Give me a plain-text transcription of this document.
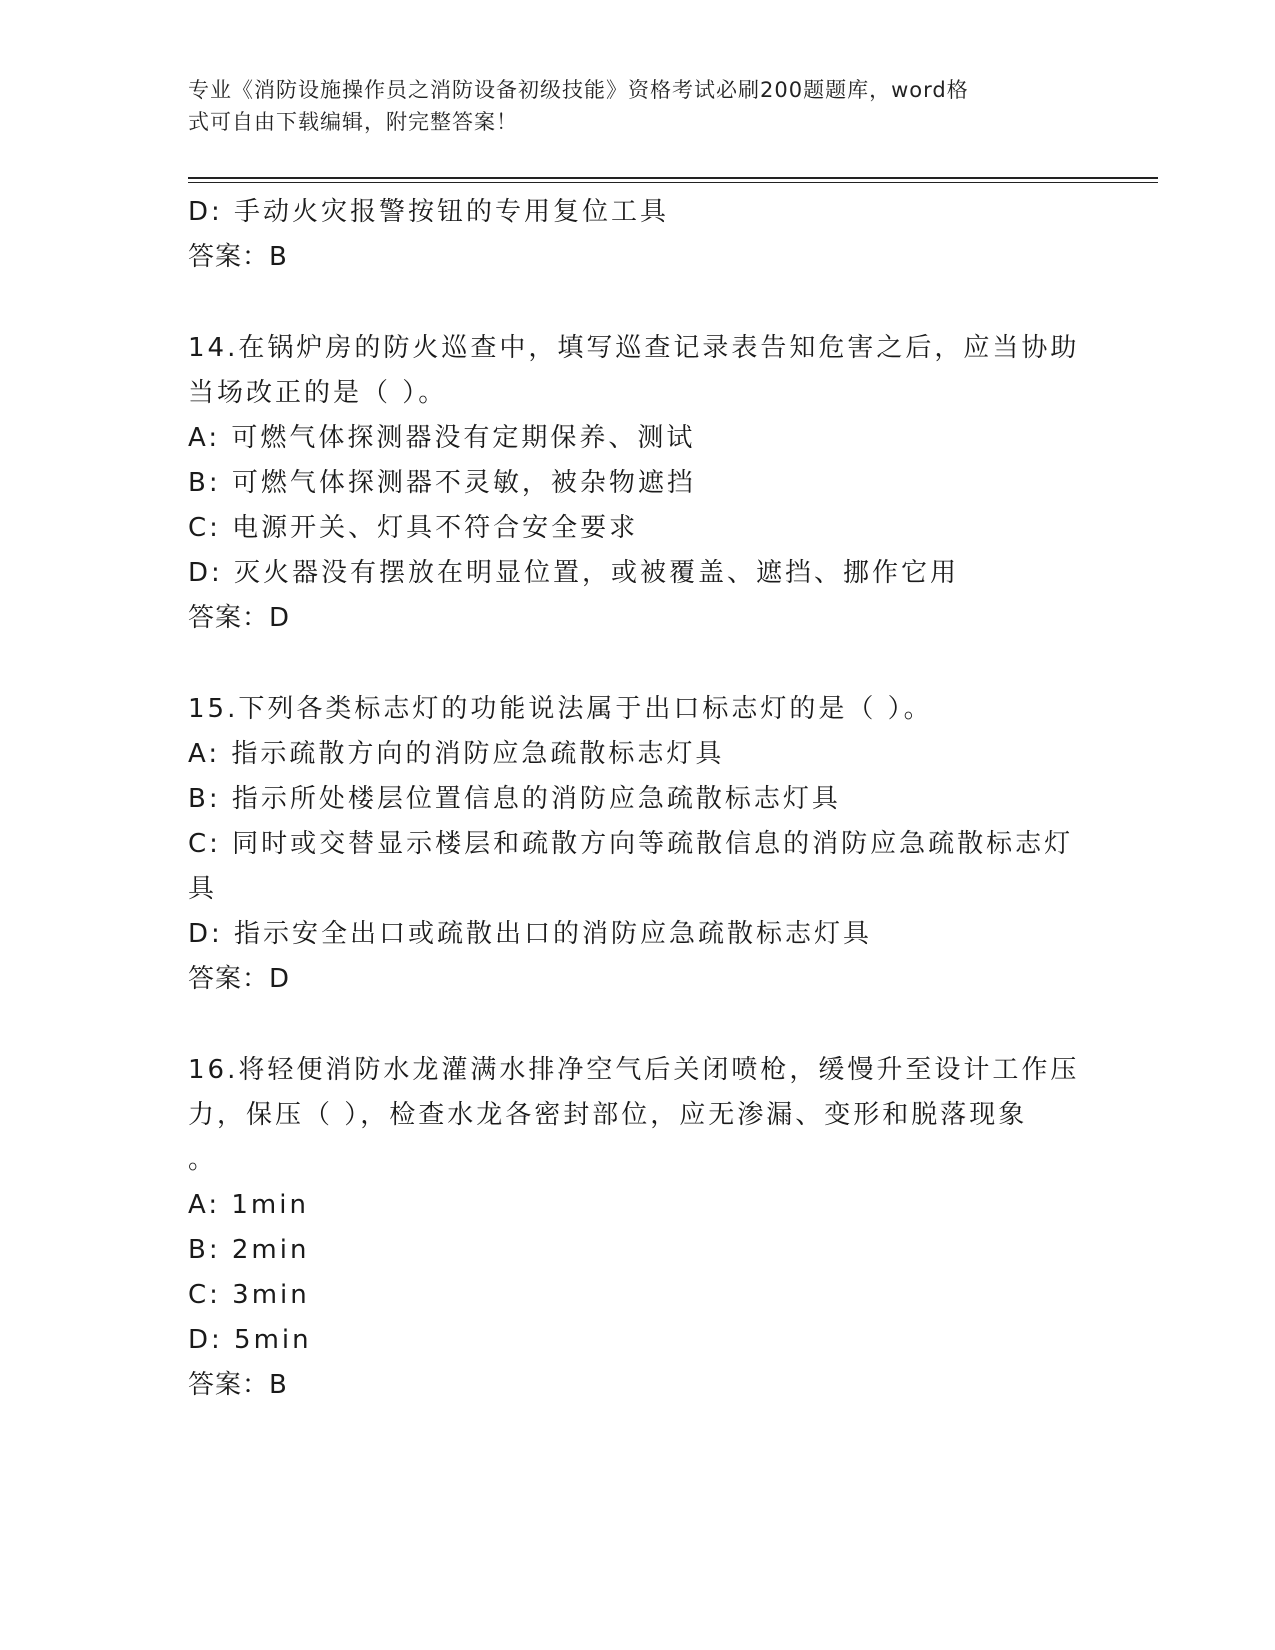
专业《消防设施操作员之消防设备初级技能》资格考试必刷200题题库，word格
式可自由下载编辑，附完整答案！
D: 手动火灾报警按钮的专用复位工具
答案：B
14.在锅炉房的防火巡查中，填写巡查记录表告知危害之后，应当协助
当场改正的是（ ）。
A: 可燃气体探测器没有定期保养、测试
B: 可燃气体探测器不灵敏，被杂物遮挡
C: 电源开关、灯具不符合安全要求
D: 灭火器没有摆放在明显位置，或被覆盖、遮挡、挪作它用
答案：D
15.下列各类标志灯的功能说法属于出口标志灯的是（ ）。
A: 指示疏散方向的消防应急疏散标志灯具
B: 指示所处楼层位置信息的消防应急疏散标志灯具
C: 同时或交替显示楼层和疏散方向等疏散信息的消防应急疏散标志灯
具
D: 指示安全出口或疏散出口的消防应急疏散标志灯具
答案：D
16.将轻便消防水龙灌满水排净空气后关闭喷枪，缓慢升至设计工作压
力，保压（ ），检查水龙各密封部位，应无渗漏、变形和脱落现象
。
A: 1min
B: 2min
C: 3min
D: 5min
答案：B
